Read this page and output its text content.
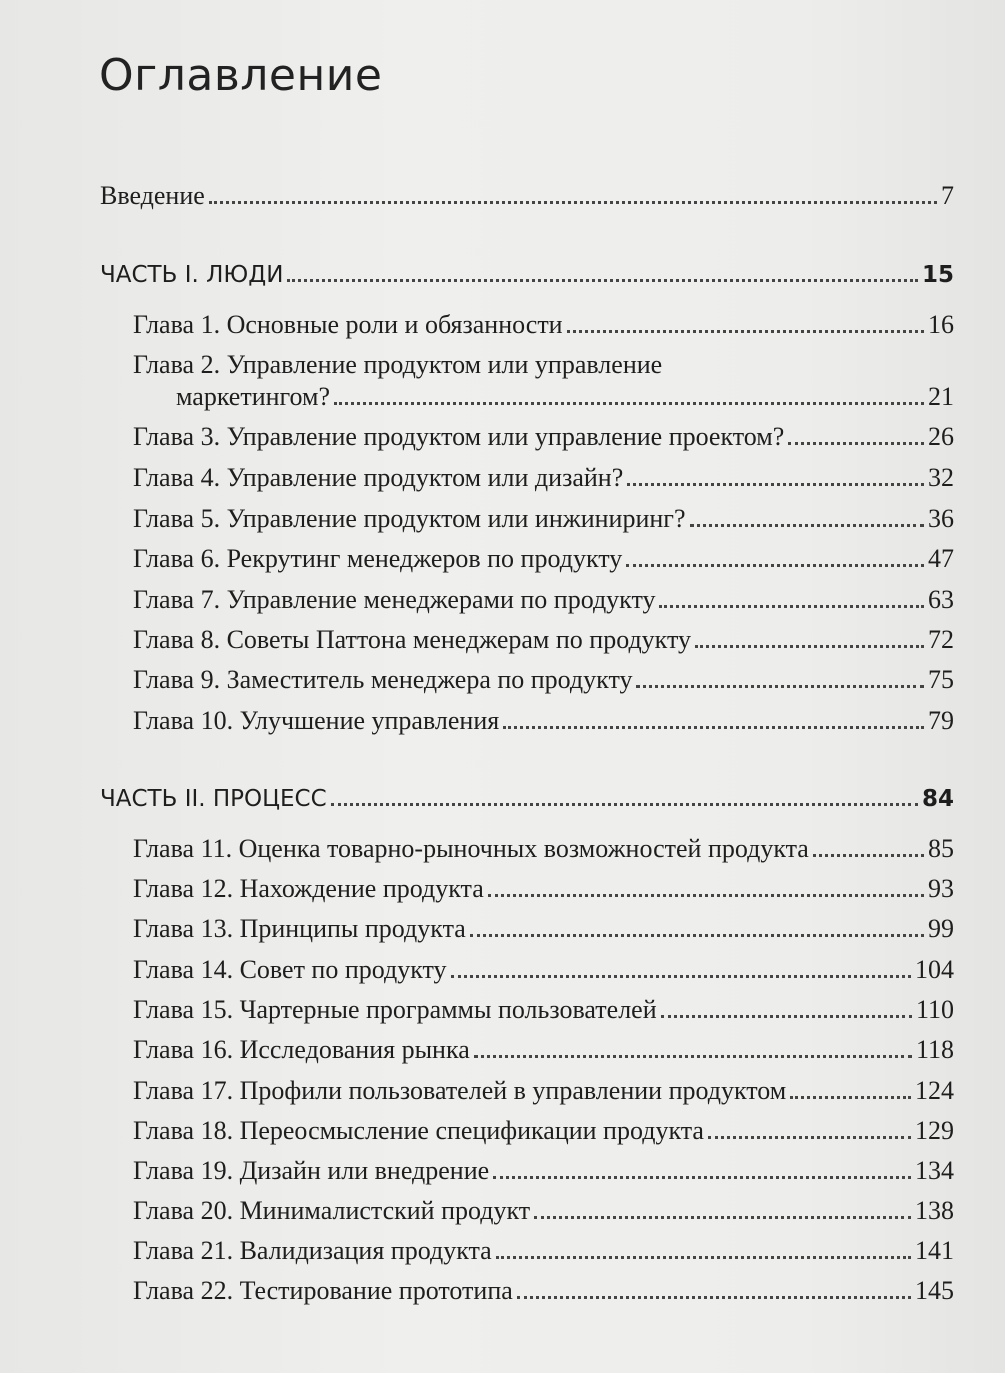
Оглавление
Введение	7
ЧАСТЬ I. ЛЮДИ	15
Глава 1. Основные роли и обязанности	16
Глава 2. Управление продуктом или управление
маркетингом?	21
Глава 3. Управление продуктом или управление проектом?	26
Глава 4. Управление продуктом или дизайн?	32
Глава 5. Управление продуктом или инжиниринг?	36
Глава 6. Рекрутинг менеджеров по продукту	47
Глава 7. Управление менеджерами по продукту	63
Глава 8. Советы Паттона менеджерам по продукту	72
Глава 9. Заместитель менеджера по продукту	75
Глава 10. Улучшение управления	79
ЧАСТЬ II. ПРОЦЕСС	84
Глава 11. Оценка товарно-рыночных возможностей продукта	85
Глава 12. Нахождение продукта	93
Глава 13. Принципы продукта	99
Глава 14. Совет по продукту	104
Глава 15. Чартерные программы пользователей	110
Глава 16. Исследования рынка	118
Глава 17. Профили пользователей в управлении продуктом	124
Глава 18. Переосмысление спецификации продукта	129
Глава 19. Дизайн или внедрение	134
Глава 20. Минималистский продукт	138
Глава 21. Валидизация продукта	141
Глава 22. Тестирование прототипа	145
